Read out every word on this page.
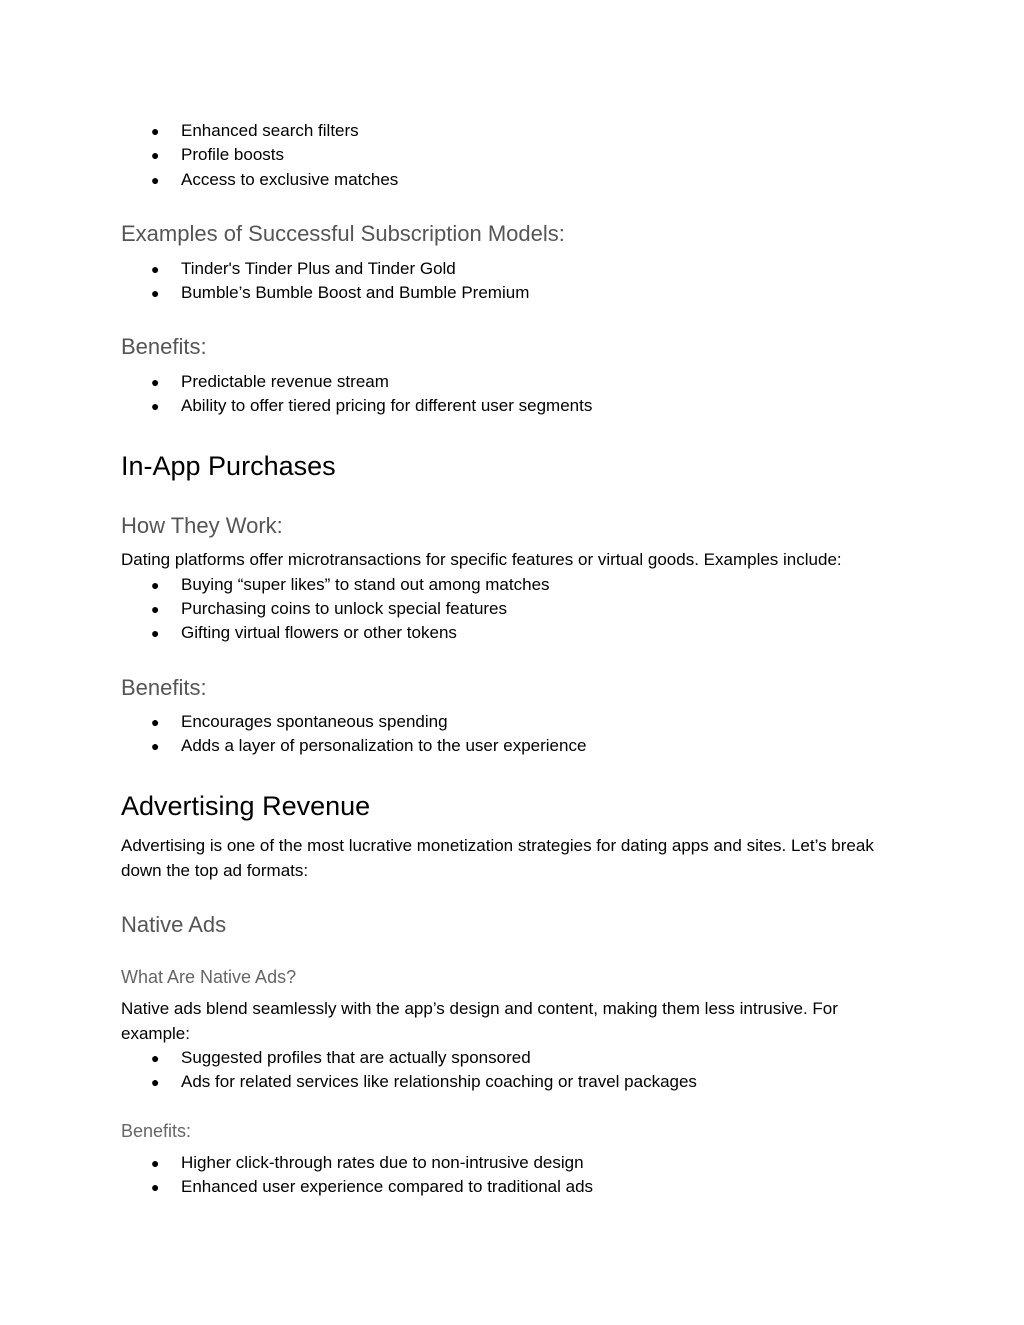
● Enhanced search filters
● Profile boosts
● Access to exclusive matches
Examples of Successful Subscription Models:
● Tinder's Tinder Plus and Tinder Gold
● Bumble’s Bumble Boost and Bumble Premium
Benefits:
● Predictable revenue stream
● Ability to offer tiered pricing for different user segments
In-App Purchases
How They Work:
Dating platforms offer microtransactions for specific features or virtual goods. Examples include:
● Buying “super likes” to stand out among matches
● Purchasing coins to unlock special features
● Gifting virtual flowers or other tokens
Benefits:
● Encourages spontaneous spending
● Adds a layer of personalization to the user experience
Advertising Revenue
Advertising is one of the most lucrative monetization strategies for dating apps and sites. Let’s break down the top ad formats:
Native Ads
What Are Native Ads?
Native ads blend seamlessly with the app’s design and content, making them less intrusive. For example:
● Suggested profiles that are actually sponsored
● Ads for related services like relationship coaching or travel packages
Benefits:
● Higher click-through rates due to non-intrusive design
● Enhanced user experience compared to traditional ads
